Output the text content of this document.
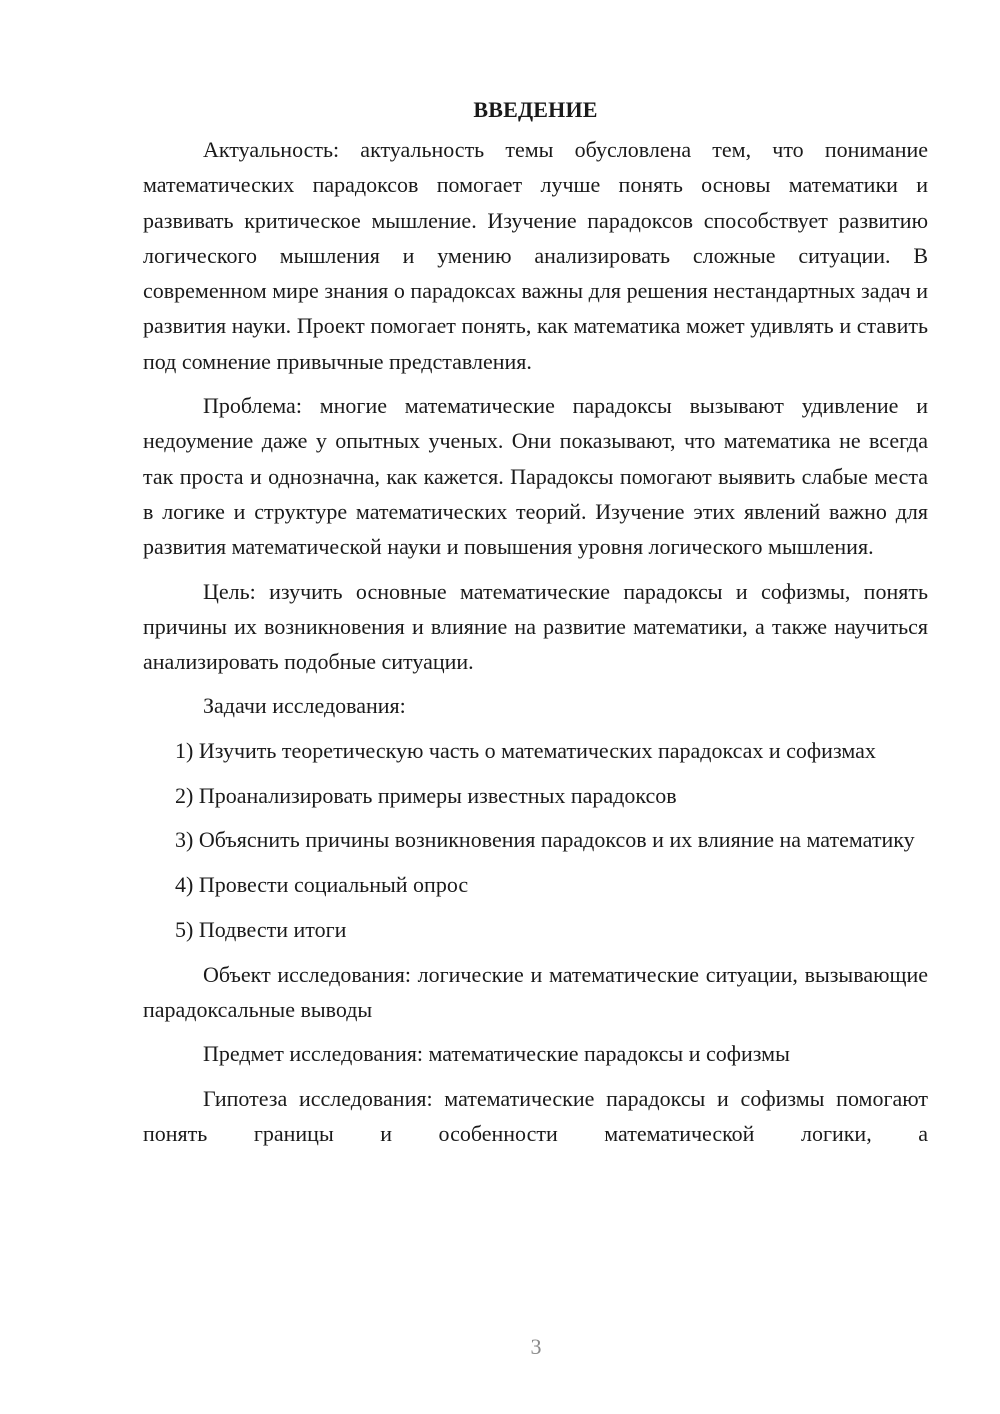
ВВЕДЕНИЕ

Актуальность: актуальность темы обусловлена тем, что понимание математических парадоксов помогает лучше понять основы математики и развивать критическое мышление. Изучение парадоксов способствует развитию логического мышления и умению анализировать сложные ситуации. В современном мире знания о парадоксах важны для решения нестандартных задач и развития науки. Проект помогает понять, как математика может удивлять и ставить под сомнение привычные представления.

Проблема: многие математические парадоксы вызывают удивление и недоумение даже у опытных ученых. Они показывают, что математика не всегда так проста и однозначна, как кажется. Парадоксы помогают выявить слабые места в логике и структуре математических теорий. Изучение этих явлений важно для развития математической науки и повышения уровня логического мышления.

Цель: изучить основные математические парадоксы и софизмы, понять причины их возникновения и влияние на развитие математики, а также научиться анализировать подобные ситуации.

Задачи исследования:

1) Изучить теоретическую часть о математических парадоксах и софизмах

2) Проанализировать примеры известных парадоксов

3) Объяснить причины возникновения парадоксов и их влияние на математику

4) Провести социальный опрос

5) Подвести итоги

Объект исследования: логические и математические ситуации, вызывающие парадоксальные выводы

Предмет исследования: математические парадоксы и софизмы

Гипотеза исследования: математические парадоксы и софизмы помогают понять границы и особенности математической логики, а

3
